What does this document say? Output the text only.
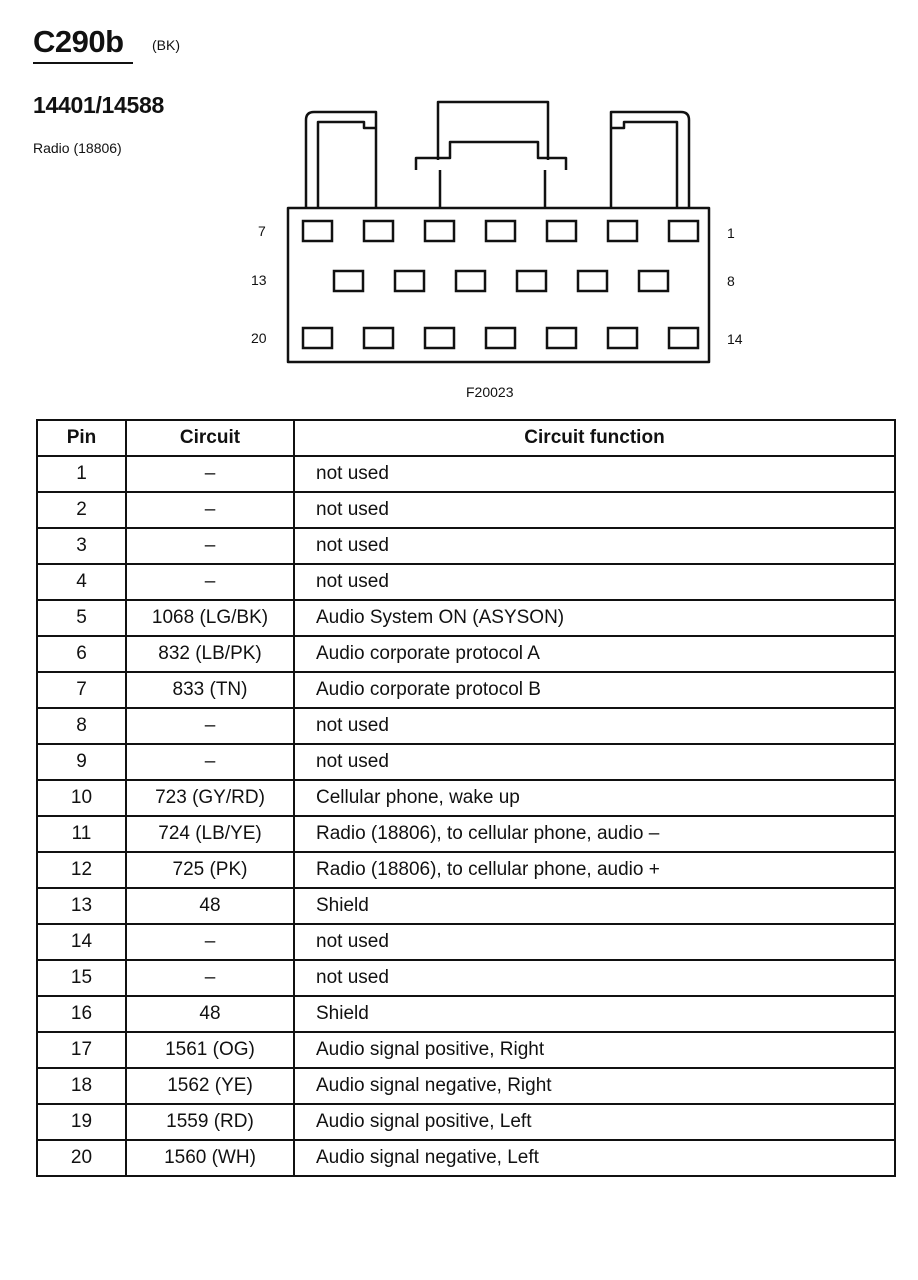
C290b (BK)
14401/14588
Radio (18806)
7	1
13	8
20	14
F20023
Pin	Circuit	Circuit function
1	–	not used
2	–	not used
3	–	not used
4	–	not used
5	1068 (LG/BK)	Audio System ON (ASYSON)
6	832 (LB/PK)	Audio corporate protocol A
7	833 (TN)	Audio corporate protocol B
8	–	not used
9	–	not used
10	723 (GY/RD)	Cellular phone, wake up
11	724 (LB/YE)	Radio (18806), to cellular phone, audio –
12	725 (PK)	Radio (18806), to cellular phone, audio +
13	48	Shield
14	–	not used
15	–	not used
16	48	Shield
17	1561 (OG)	Audio signal positive, Right
18	1562 (YE)	Audio signal negative, Right
19	1559 (RD)	Audio signal positive, Left
20	1560 (WH)	Audio signal negative, Left
